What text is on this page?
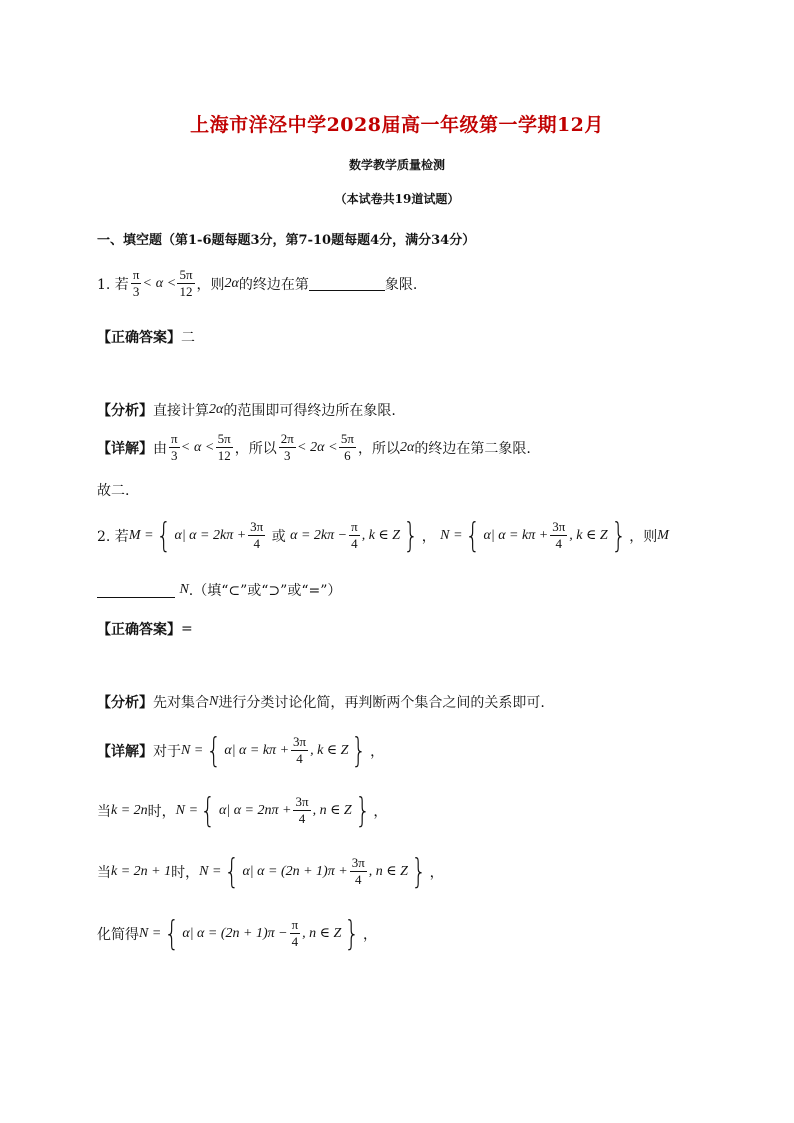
上海市洋泾中学2028届高一年级第一学期12月
数学教学质量检测
（本试卷共19道试题）
一、填空题（第1-6题每题3分，第7-10题每题4分，满分34分）
1. 若 $\frac{\pi}{3}$ <
α
< $\frac{5\pi}{12}$ ，则 2α 的终边在第	象限.
【正确答案】 二
【分析】 直接计算 2α 的范围即可得终边所在象限.
【详解】 由 $\frac{\pi}{3}$ <
α
< $\frac{5\pi}{12}$ ，所以 $\frac{2\pi}{3}$ <
2α
< $\frac{5\pi}{6}$ ，所以 2α 的终边在第二象限.
故二.
2. 若 M
= { α| $\alpha = 2k\pi + \frac{3\pi}{4}$
或
$\alpha = 2k\pi - \frac{\pi}{4}$ , k ∈ Z } ，
N
= { α| $\alpha = k\pi + \frac{3\pi}{4}$ , k ∈ Z } ，则 M

N .（填“⊂”或“⊃”或“=”）
【正确答案】 =
【分析】 先对集合 N 进行分类讨论化简，再判断两个集合之间的关系即可.
【详解】 对于 N
= { α| $\alpha = k\pi + \frac{3\pi}{4}$ , k ∈ Z } ，
当 k = 2n 时， N
= { α| $\alpha = 2n\pi + \frac{3\pi}{4}$ , n ∈ Z } ，
当 k = 2n + 1 时， N
= { α| $\alpha = (2n + 1)\pi + \frac{3\pi}{4}$ , n ∈ Z } ，
化简得 N
= { α| $\alpha = (2n + 1)\pi - \frac{\pi}{4}$ , n ∈ Z } ，
